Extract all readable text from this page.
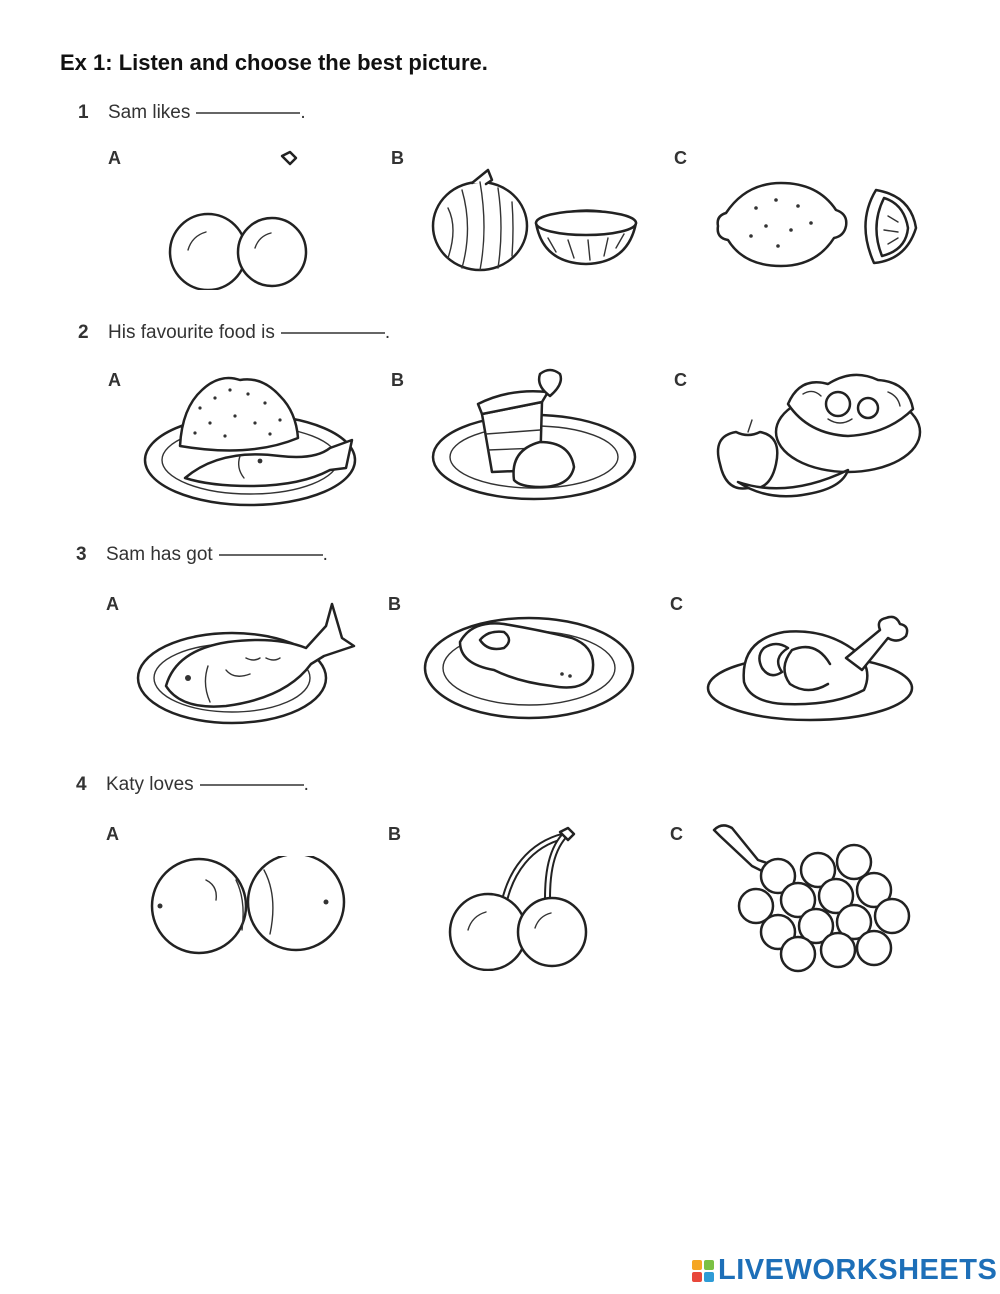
Ex 1: Listen and choose the best picture.
1 Sam likes	.
A	B	C
2 His favourite food is	.
A	B	C
3 Sam has got	.
A	B	C
4 Katy loves	.
A	B	C
LIVEWORKSHEETS
